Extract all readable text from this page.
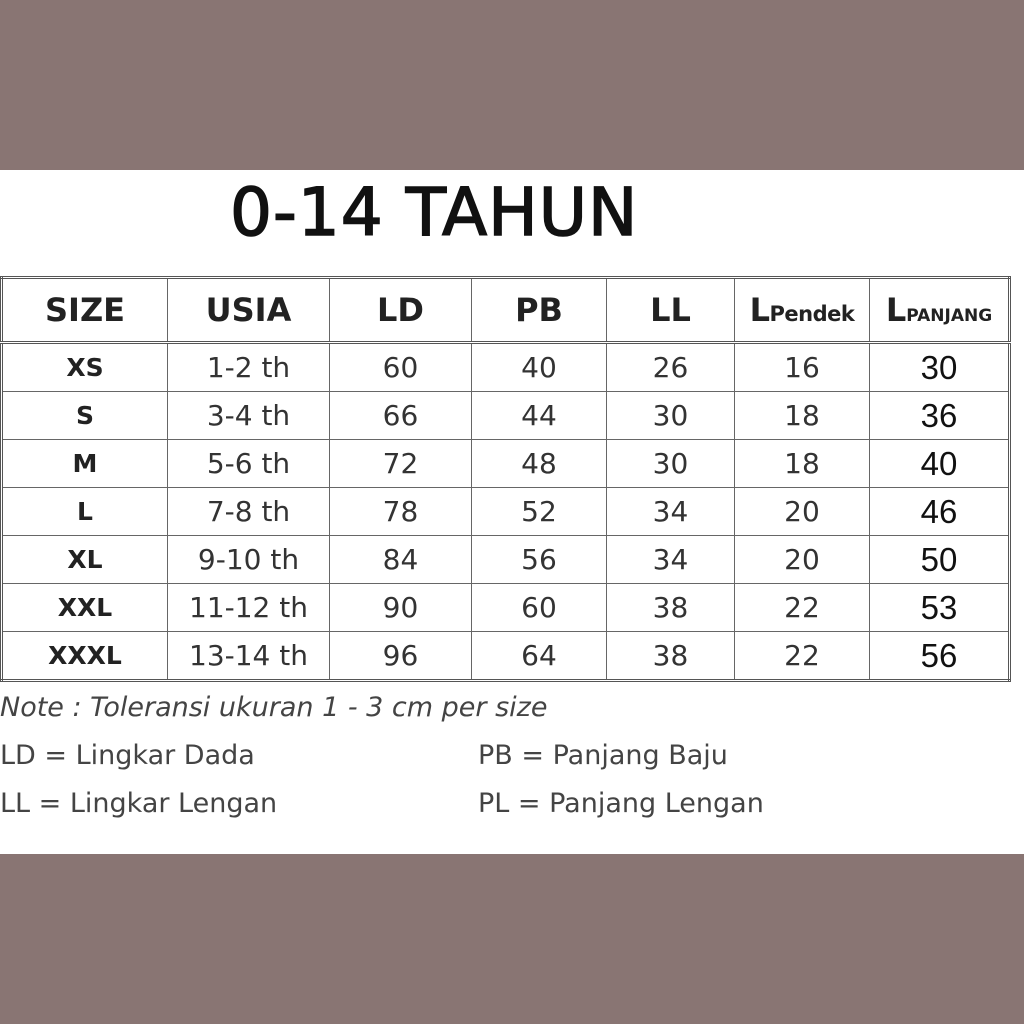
0-14 TAHUN
SIZE	USIA	LD	PB	LL	LPendek	LPANJANG
XS	1-2 th	60	40	26	16	30
S	3-4 th	66	44	30	18	36
M	5-6 th	72	48	30	18	40
L	7-8 th	78	52	34	20	46
XL	9-10 th	84	56	34	20	50
XXL	11-12 th	90	60	38	22	53
XXXL	13-14 th	96	64	38	22	56
Note : Toleransi ukuran 1 - 3 cm per size
LD = Lingkar Dada	PB = Panjang Baju
LL = Lingkar Lengan	PL = Panjang Lengan
